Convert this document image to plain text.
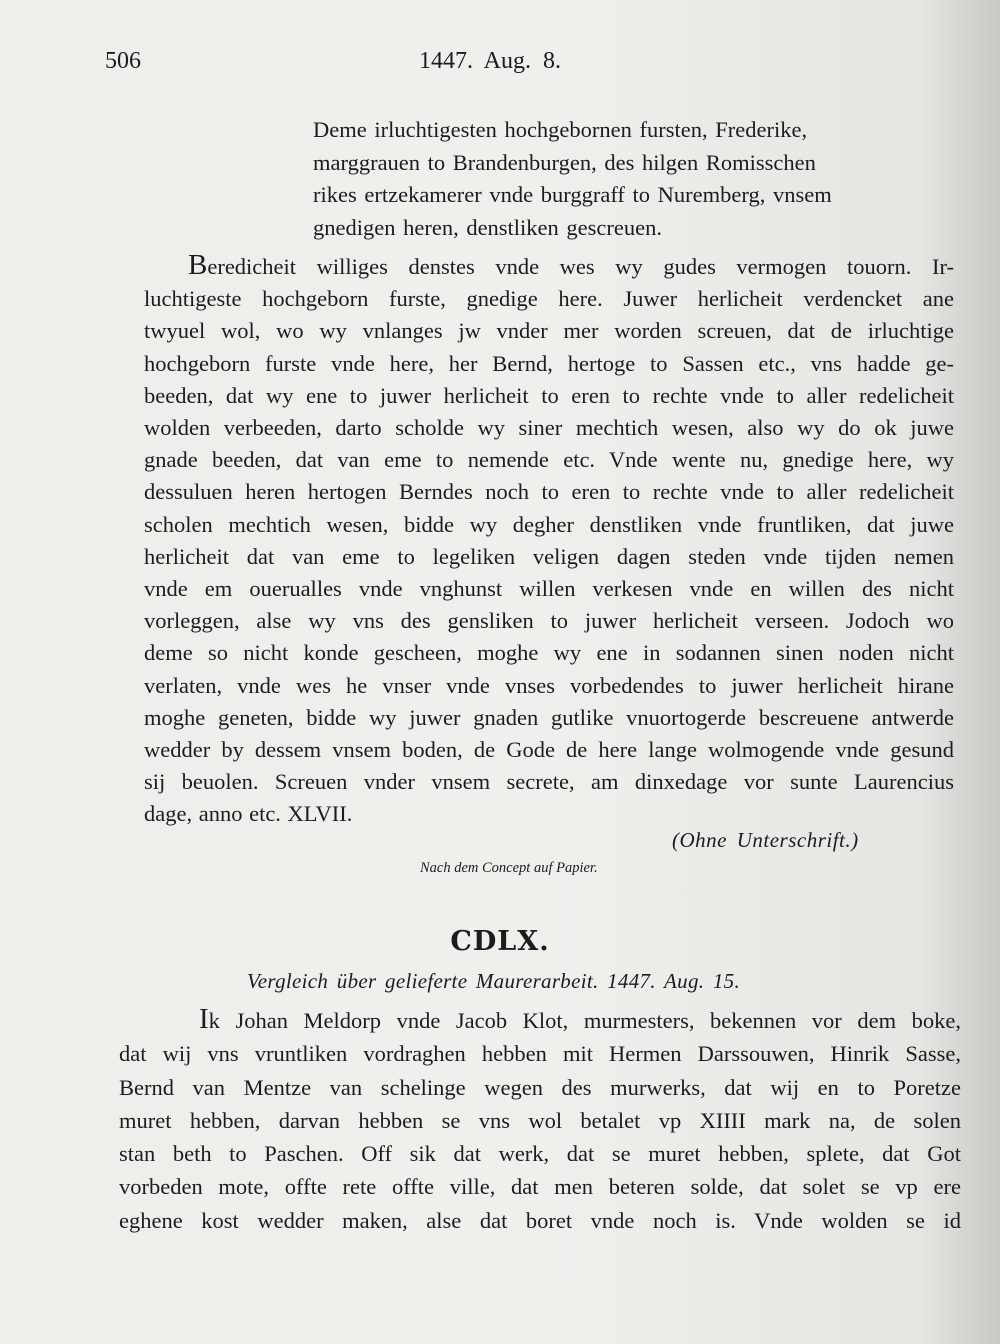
506	1447. Aug. 8.
Deme irluchtigesten hochgebornen fursten, Frederike,
marggrauen to Brandenburgen, des hilgen Romisschen
rikes ertzekamerer vnde burggraff to Nuremberg, vnsem
gnedigen heren, denstliken gescreuen.
Beredicheit williges denstes vnde wes wy gudes vermogen touorn. Ir-
luchtigeste hochgeborn furste, gnedige here. Juwer herlicheit verdencket ane
twyuel wol, wo wy vnlanges jw vnder mer worden screuen, dat de irluchtige
hochgeborn furste vnde here, her Bernd, hertoge to Sassen etc., vns hadde ge-
beeden, dat wy ene to juwer herlicheit to eren to rechte vnde to aller redelicheit
wolden verbeeden, darto scholde wy siner mechtich wesen, also wy do ok juwe
gnade beeden, dat van eme to nemende etc. Vnde wente nu, gnedige here, wy
dessuluen heren hertogen Berndes noch to eren to rechte vnde to aller redelicheit
scholen mechtich wesen, bidde wy degher denstliken vnde fruntliken, dat juwe
herlicheit dat van eme to legeliken veligen dagen steden vnde tijden nemen
vnde em ouerualles vnde vnghunst willen verkesen vnde en willen des nicht
vorleggen, alse wy vns des gensliken to juwer herlicheit verseen. Jodoch wo
deme so nicht konde gescheen, moghe wy ene in sodannen sinen noden nicht
verlaten, vnde wes he vnser vnde vnses vorbedendes to juwer herlicheit hirane
moghe geneten, bidde wy juwer gnaden gutlike vnuortogerde bescreuene antwerde
wedder by dessem vnsem boden, de Gode de here lange wolmogende vnde gesund
sij beuolen. Screuen vnder vnsem secrete, am dinxedage vor sunte Laurencius
dage, anno etc. XLVII.
(Ohne Unterschrift.)
Nach dem Concept auf Papier.
CDLX.
Vergleich über gelieferte Maurerarbeit. 1447. Aug. 15.
Ik Johan Meldorp vnde Jacob Klot, murmesters, bekennen vor dem boke,
dat wij vns vruntliken vordraghen hebben mit Hermen Darssouwen, Hinrik Sasse,
Bernd van Mentze van schelinge wegen des murwerks, dat wij en to Poretze
muret hebben, darvan hebben se vns wol betalet vp XIIII mark na, de solen
stan beth to Paschen. Off sik dat werk, dat se muret hebben, splete, dat Got
vorbeden mote, offte rete offte ville, dat men beteren solde, dat solet se vp ere
eghene kost wedder maken, alse dat boret vnde noch is. Vnde wolden se id
